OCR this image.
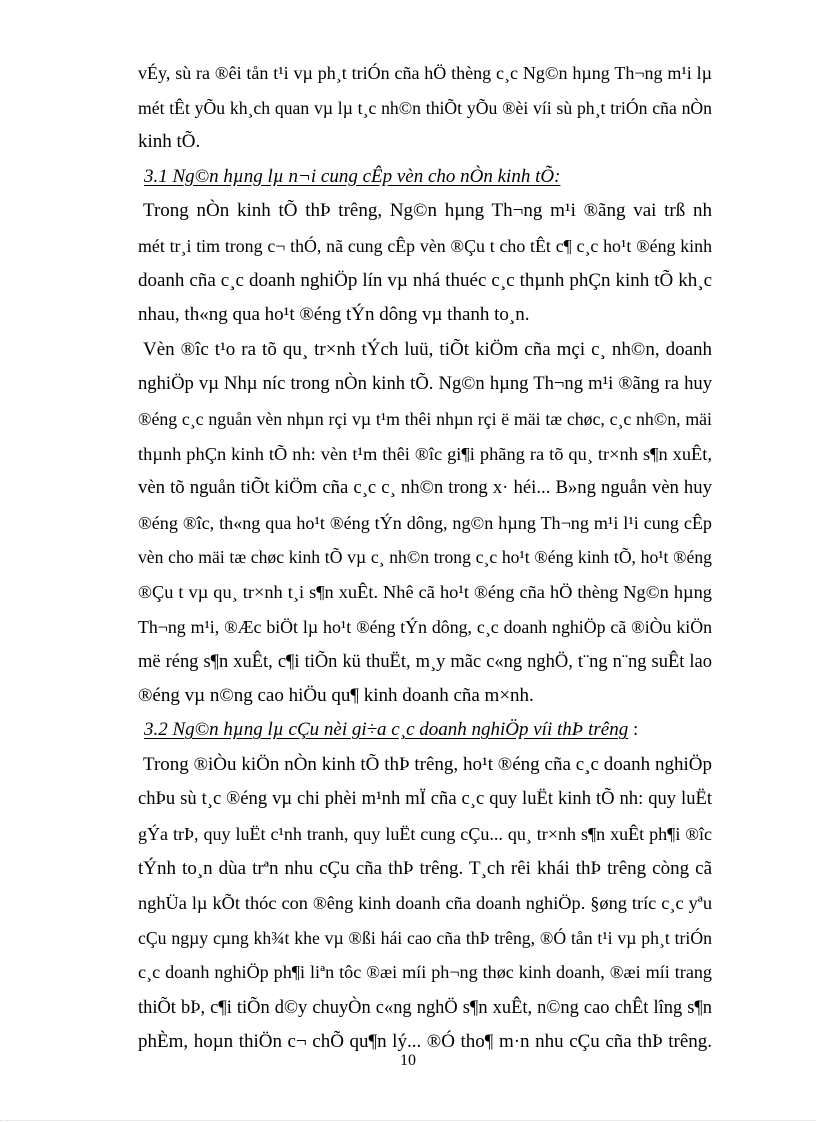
vÉy, sù ra ®êi tån t¹i vµ ph¸t triÓn cña hÖ thèng c¸c Ng©n hµng Th¬ng m¹i lµ
mét tÊt yÕu kh¸ch quan vµ lµ t¸c nh©n thiÕt yÕu ®èi víi sù ph¸t triÓn cña nÒn
kinh tÕ.
3.1 Ng©n hµng lµ n¬i cung cÊp vèn cho nÒn kinh tÕ:
Trong nÒn kinh tÕ thÞ trêng, Ng©n hµng Th¬ng m¹i ®ãng vai trß nh
mét tr¸i tim trong c¬ thÓ, nã cung cÊp vèn ®Çu t cho tÊt c¶ c¸c ho¹t ®éng kinh
doanh cña c¸c doanh nghiÖp lín vµ nhá thuéc c¸c thµnh phÇn kinh tÕ kh¸c
nhau, th«ng qua ho¹t ®éng tÝn dông vµ thanh to¸n.
Vèn ®îc t¹o ra tõ qu¸ tr×nh tÝch luü, tiÕt kiÖm cña mçi c¸ nh©n, doanh
nghiÖp vµ Nhµ níc trong nÒn kinh tÕ. Ng©n hµng Th¬ng m¹i ®ãng ra huy
®éng c¸c nguån vèn nhµn rçi vµ t¹m thêi nhµn rçi ë mäi tæ chøc, c¸c nh©n, mäi
thµnh phÇn kinh tÕ nh: vèn t¹m thêi ®îc gi¶i phãng ra tõ qu¸ tr×nh s¶n xuÊt,
vèn tõ nguån tiÕt kiÖm cña c¸c c¸ nh©n trong x· héi... B»ng nguån vèn huy
®éng ®îc, th«ng qua ho¹t ®éng tÝn dông, ng©n hµng Th¬ng m¹i l¹i cung cÊp
vèn cho mäi tæ chøc kinh tÕ vµ c¸ nh©n trong c¸c ho¹t ®éng kinh tÕ, ho¹t ®éng
®Çu t vµ qu¸ tr×nh t¸i s¶n xuÊt. Nhê cã ho¹t ®éng cña hÖ thèng Ng©n hµng
Th¬ng m¹i, ®Æc biÖt lµ ho¹t ®éng tÝn dông, c¸c doanh nghiÖp cã ®iÒu kiÖn
më réng s¶n xuÊt, c¶i tiÕn kü thuËt, m¸y mãc c«ng nghÖ, t¨ng n¨ng suÊt lao
®éng vµ n©ng cao hiÖu qu¶ kinh doanh cña m×nh.
3.2 Ng©n hµng lµ cÇu nèi gi÷a c¸c doanh nghiÖp víi thÞ trêng :
Trong ®iÒu kiÖn nÒn kinh tÕ thÞ trêng, ho¹t ®éng cña c¸c doanh nghiÖp
chÞu sù t¸c ®éng vµ chi phèi m¹nh mÏ cña c¸c quy luËt kinh tÕ nh: quy luËt
gÝa trÞ, quy luËt c¹nh tranh, quy luËt cung cÇu... qu¸ tr×nh s¶n xuÊt ph¶i ®îc
tÝnh to¸n dùa trªn nhu cÇu cña thÞ trêng. T¸ch rêi khái thÞ trêng còng cã
nghÜa lµ kÕt thóc con ®êng kinh doanh cña doanh nghiÖp. §øng tríc c¸c yªu
cÇu ngµy cµng kh¾t khe vµ ®ßi hái cao cña thÞ trêng, ®Ó tån t¹i vµ ph¸t triÓn
c¸c doanh nghiÖp ph¶i liªn tôc ®æi míi ph¬ng thøc kinh doanh, ®æi míi trang
thiÕt bÞ, c¶i tiÕn d©y chuyÒn c«ng nghÖ s¶n xuÊt, n©ng cao chÊt lîng s¶n
phÈm, hoµn thiÖn c¬ chÕ qu¶n lý... ®Ó tho¶ m·n nhu cÇu cña thÞ trêng.
10
